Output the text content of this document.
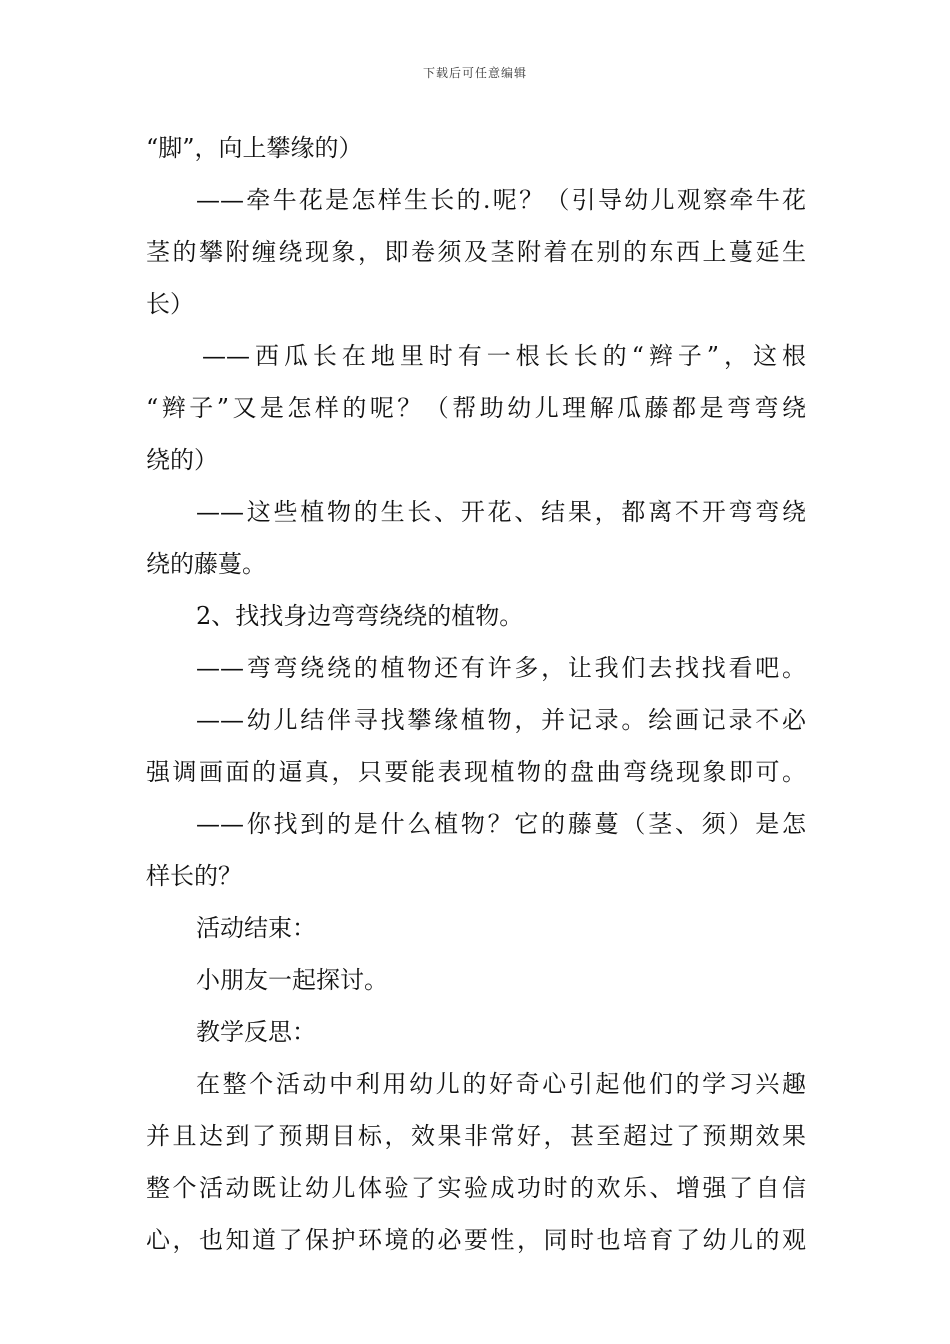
下载后可任意编辑
“脚”，向上攀缘的）
——牵牛花是怎样生长的.呢？（引导幼儿观察牵牛花
茎的攀附缠绕现象，即卷须及茎附着在别的东西上蔓延生
长）
——西瓜长在地里时有一根长长的“辫子”，这根
“辫子”又是怎样的呢？（帮助幼儿理解瓜藤都是弯弯绕
绕的）
——这些植物的生长、开花、结果，都离不开弯弯绕
绕的藤蔓。
2、找找身边弯弯绕绕的植物。
——弯弯绕绕的植物还有许多，让我们去找找看吧。
——幼儿结伴寻找攀缘植物，并记录。绘画记录不必
强调画面的逼真，只要能表现植物的盘曲弯绕现象即可。
——你找到的是什么植物？它的藤蔓（茎、须）是怎
样长的？
活动结束：
小朋友一起探讨。
教学反思：
在整个活动中利用幼儿的好奇心引起他们的学习兴趣
并且达到了预期目标，效果非常好，甚至超过了预期效果
整个活动既让幼儿体验了实验成功时的欢乐、增强了自信
心，也知道了保护环境的必要性，同时也培育了幼儿的观
